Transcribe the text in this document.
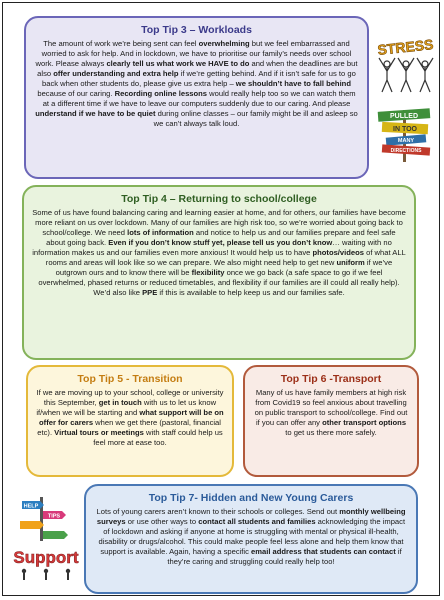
Top Tip 3 – Workloads

The amount of work we’re being sent can feel overwhelming but we feel embarrassed and worried to ask for help. And in lockdown, we have to prioritise our family’s needs over school work. Please always clearly tell us what work we HAVE to do and when the deadlines are but also offer understanding and extra help if we’re getting behind. And if it isn’t safe for us to go back when other students do, please give us extra help – we shouldn’t have to fall behind because of our caring. Recording online lessons would really help too so we can watch them at a different time if we have to leave our computers suddenly due to our caring. And please understand if we have to be quiet during online classes – our family might be ill and asleep so we can’t always talk loud.

Top Tip 4 – Returning to school/college

Some of us have found balancing caring and learning easier at home, and for others, our families have become more reliant on us over lockdown. Many of our families are high risk too, so we’re worried about going back to school/college. We need lots of information and notice to help us and our families prepare and feel safe about going back. Even if you don’t know stuff yet, please tell us you don’t know… waiting with no information makes us and our families even more anxious! It would help us to have photos/videos of what ALL rooms and areas will look like so we can prepare. We also might need help to get new uniform if we’ve outgrown ours and to know there will be flexibility once we go back (a safe space to go if we feel overwhelmed, phased returns or reduced timetables, and flexibility if our families are ill could all really help). We’d also like PPE if this is available to help keep us and our families safe.

Top Tip 5 - Transition

If we are moving up to your school, college or university this September, get in touch with us to let us know if/when we will be starting and what support will be on offer for carers when we get there (pastoral, financial etc). Virtual tours or meetings with staff could help us feel more at ease too.

Top Tip 6 -Transport

Many of us have family members at high risk from Covid19 so feel anxious about travelling on public transport to school/college. Find out if you can offer any other transport options to get us there more safely.

Top Tip 7- Hidden and New Young Carers

Lots of young carers aren’t known to their schools or colleges. Send out monthly wellbeing surveys or use other ways to contact all students and families acknowledging the impact of lockdown and asking if anyone at home is struggling with mental or physical ill-health, disability or drugs/alcohol. This could make people feel less alone and help them know that support is available. Again, having a specific email address that students can contact if they’re caring and struggling could really help too!

STRESS
PULLED
IN TOO
MANY
DIRECTIONS
HELP
TIPS
Support
